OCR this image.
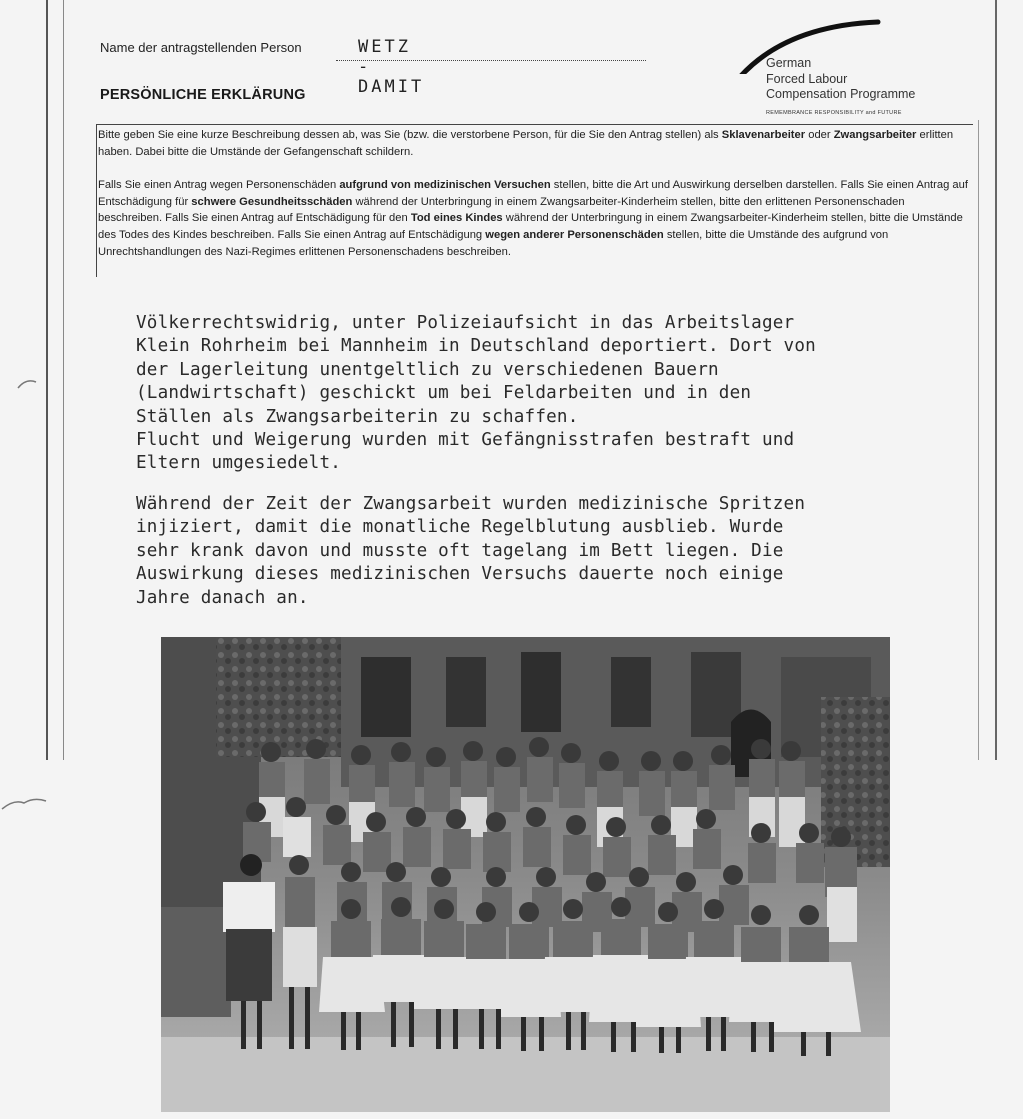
Name der antragstellenden Person	WETZ - DAMIT
PERSÖNLICHE ERKLÄRUNG
German
Forced Labour
Compensation Programme
REMEMBRANCE RESPONSIBILITY and FUTURE
Bitte geben Sie eine kurze Beschreibung dessen ab, was Sie (bzw. die verstorbene Person, für die Sie den Antrag stellen) als Sklavenarbeiter oder Zwangsarbeiter erlitten haben. Dabei bitte die Umstände der Gefangenschaft schildern.
Falls Sie einen Antrag wegen Personenschäden aufgrund von medizinischen Versuchen stellen, bitte die Art und Auswirkung derselben darstellen. Falls Sie einen Antrag auf Entschädigung für schwere Gesundheitsschäden während der Unterbringung in einem Zwangsarbeiter-Kinderheim stellen, bitte den erlittenen Personenschaden beschreiben. Falls Sie einen Antrag auf Entschädigung für den Tod eines Kindes während der Unterbringung in einem Zwangsarbeiter-Kinderheim stellen, bitte die Umstände des Todes des Kindes beschreiben. Falls Sie einen Antrag auf Entschädigung wegen anderer Personenschäden stellen, bitte die Umstände des aufgrund von Unrechtshandlungen des Nazi-Regimes erlittenen Personenschadens beschreiben.
Völkerrechtswidrig, unter Polizeiaufsicht in das Arbeitslager
Klein Rohrheim bei Mannheim in Deutschland deportiert. Dort von
der Lagerleitung unentgeltlich zu verschiedenen Bauern
(Landwirtschaft) geschickt um bei Feldarbeiten und in den
Ställen als Zwangsarbeiterin zu schaffen.
Flucht und Weigerung wurden mit Gefängnisstrafen bestraft und
Eltern umgesiedelt.
Während der Zeit der Zwangsarbeit wurden medizinische Spritzen
injiziert, damit die monatliche Regelblutung ausblieb. Wurde
sehr krank davon und musste oft tagelang im Bett liegen. Die
Auswirkung dieses medizinischen Versuchs dauerte noch einige
Jahre danach an.
